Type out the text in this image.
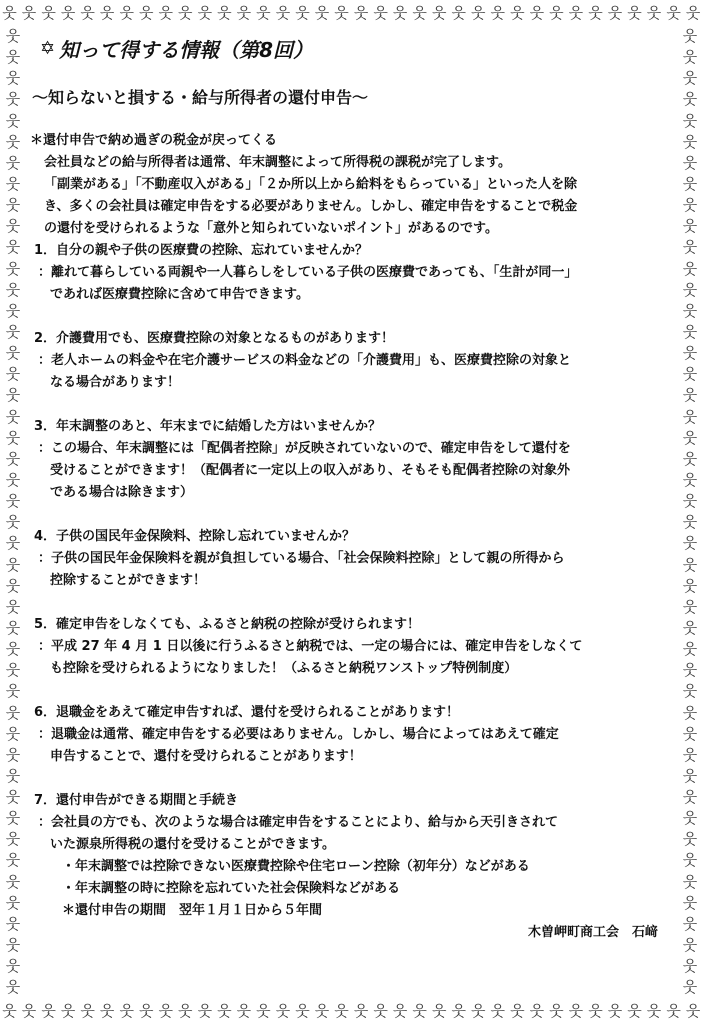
웃 웃 웃 웃 웃 웃 웃 웃 웃 웃 웃 웃 웃 웃 웃 웃 웃 웃 웃 웃 웃 웃 웃 웃 웃 웃 웃 웃 웃 웃 웃 웃 웃 웃 웃 웃
웃 웃 웃 웃 웃 웃 웃 웃 웃 웃 웃 웃 웃 웃 웃 웃 웃 웃 웃 웃 웃 웃 웃 웃 웃 웃 웃 웃 웃 웃 웃 웃 웃 웃 웃 웃
웃
웃
웃
웃
웃
웃
웃
웃
웃
웃
웃
웃
웃
웃
웃
웃
웃
웃
웃
웃
웃
웃
웃
웃
웃
웃
웃
웃
웃
웃
웃
웃
웃
웃
웃
웃
웃
웃
웃
웃
웃
웃
웃
웃
웃
웃
웃
웃
웃
웃
웃
웃
웃
웃
웃
웃
웃
웃
웃
웃
웃
웃
웃
웃
웃
웃
웃
웃
웃
웃
웃
웃
웃
웃
웃
웃
웃
웃
웃
웃
웃
웃
웃
웃
웃
웃
웃
웃
웃
웃
웃
웃
✡ 知って得する情報（第8回）
～知らないと損する・給与所得者の還付申告～
＊還付申告で納め過ぎの税金が戻ってくる
会社員などの給与所得者は通常、年末調整によって所得税の課税が完了します。
「副業がある」「不動産収入がある」「２か所以上から給料をもらっている」といった人を除
き、多くの会社員は確定申告をする必要がありません。しかし、確定申告をすることで税金
の還付を受けられるような「意外と知られていないポイント」があるのです。
1．自分の親や子供の医療費の控除、忘れていませんか？
：離れて暮らしている両親や一人暮らしをしている子供の医療費であっても、「生計が同一」
であれば医療費控除に含めて申告できます。
2．介護費用でも、医療費控除の対象となるものがあります！
：老人ホームの料金や在宅介護サービスの料金などの「介護費用」も、医療費控除の対象と
なる場合があります！
3．年末調整のあと、年末までに結婚した方はいませんか？
：この場合、年末調整には「配偶者控除」が反映されていないので、確定申告をして還付を
受けることができます！（配偶者に一定以上の収入があり、そもそも配偶者控除の対象外
である場合は除きます）
4．子供の国民年金保険料、控除し忘れていませんか？
：子供の国民年金保険料を親が負担している場合、「社会保険料控除」として親の所得から
控除することができます！
5．確定申告をしなくても、ふるさと納税の控除が受けられます！
：平成 27 年 4 月 1 日以後に行うふるさと納税では、一定の場合には、確定申告をしなくて
も控除を受けられるようになりました！（ふるさと納税ワンストップ特例制度）
6．退職金をあえて確定申告すれば、還付を受けられることがあります！
：退職金は通常、確定申告をする必要はありません。しかし、場合によってはあえて確定
申告することで、還付を受けられることがあります！
7．還付申告ができる期間と手続き
：会社員の方でも、次のような場合は確定申告をすることにより、給与から天引きされて
いた源泉所得税の還付を受けることができます。
・年末調整では控除できない医療費控除や住宅ローン控除（初年分）などがある
・年末調整の時に控除を忘れていた社会保険料などがある
＊還付申告の期間　翌年１月１日から５年間
木曽岬町商工会　石﨑
